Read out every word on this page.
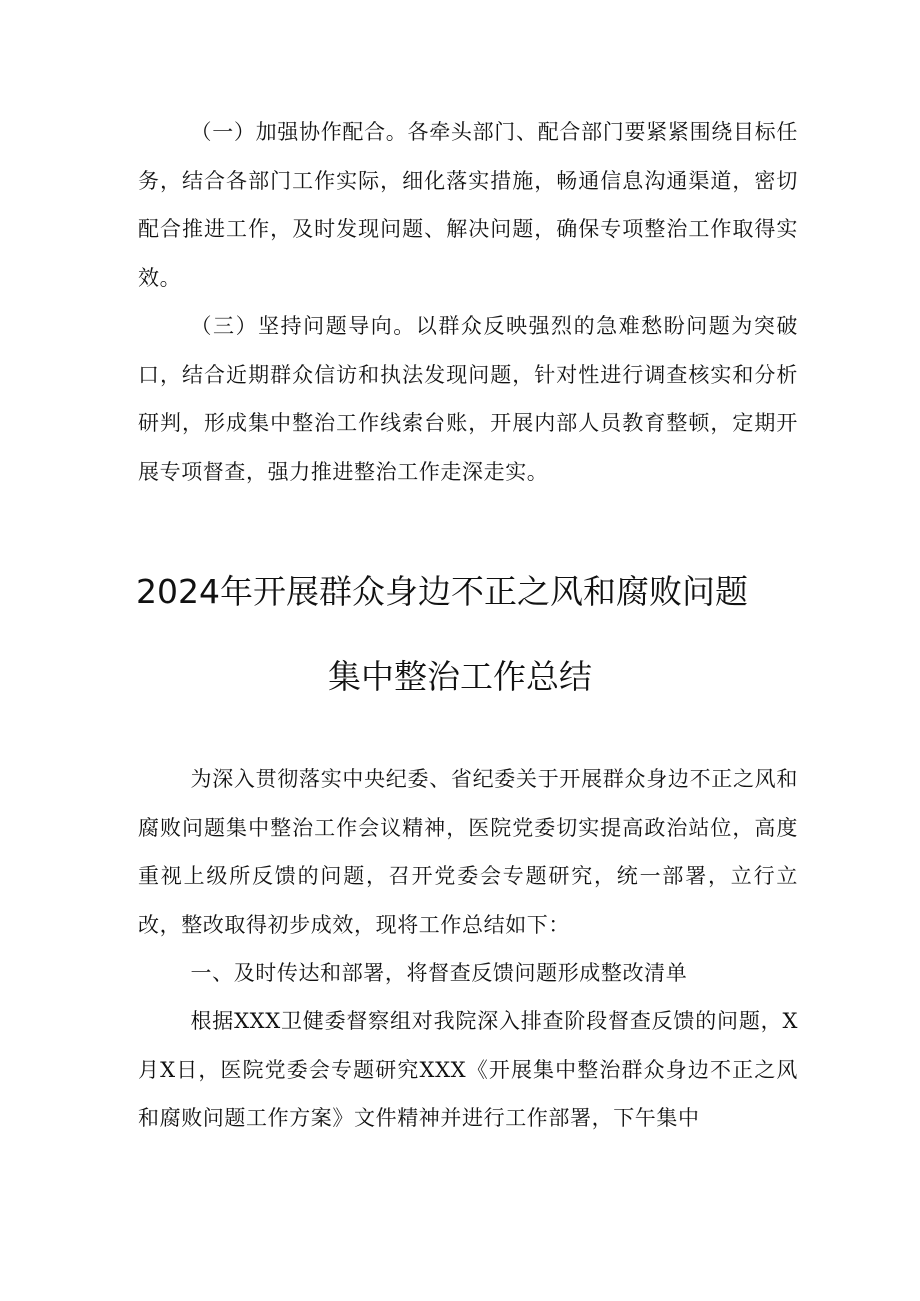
（一）加强协作配合。各牵头部门、配合部门要紧紧围绕目标任务，结合各部门工作实际，细化落实措施，畅通信息沟通渠道，密切配合推进工作，及时发现问题、解决问题，确保专项整治工作取得实效。

（三）坚持问题导向。以群众反映强烈的急难愁盼问题为突破口，结合近期群众信访和执法发现问题，针对性进行调查核实和分析研判，形成集中整治工作线索台账，开展内部人员教育整顿，定期开展专项督查，强力推进整治工作走深走实。

2024年开展群众身边不正之风和腐败问题
集中整治工作总结

为深入贯彻落实中央纪委、省纪委关于开展群众身边不正之风和腐败问题集中整治工作会议精神，医院党委切实提高政治站位，高度重视上级所反馈的问题，召开党委会专题研究，统一部署，立行立改，整改取得初步成效，现将工作总结如下：

一、及时传达和部署，将督查反馈问题形成整改清单

根据XXX卫健委督察组对我院深入排查阶段督查反馈的问题，X月X日，医院党委会专题研究XXX《开展集中整治群众身边不正之风和腐败问题工作方案》文件精神并进行工作部署，下午集中
